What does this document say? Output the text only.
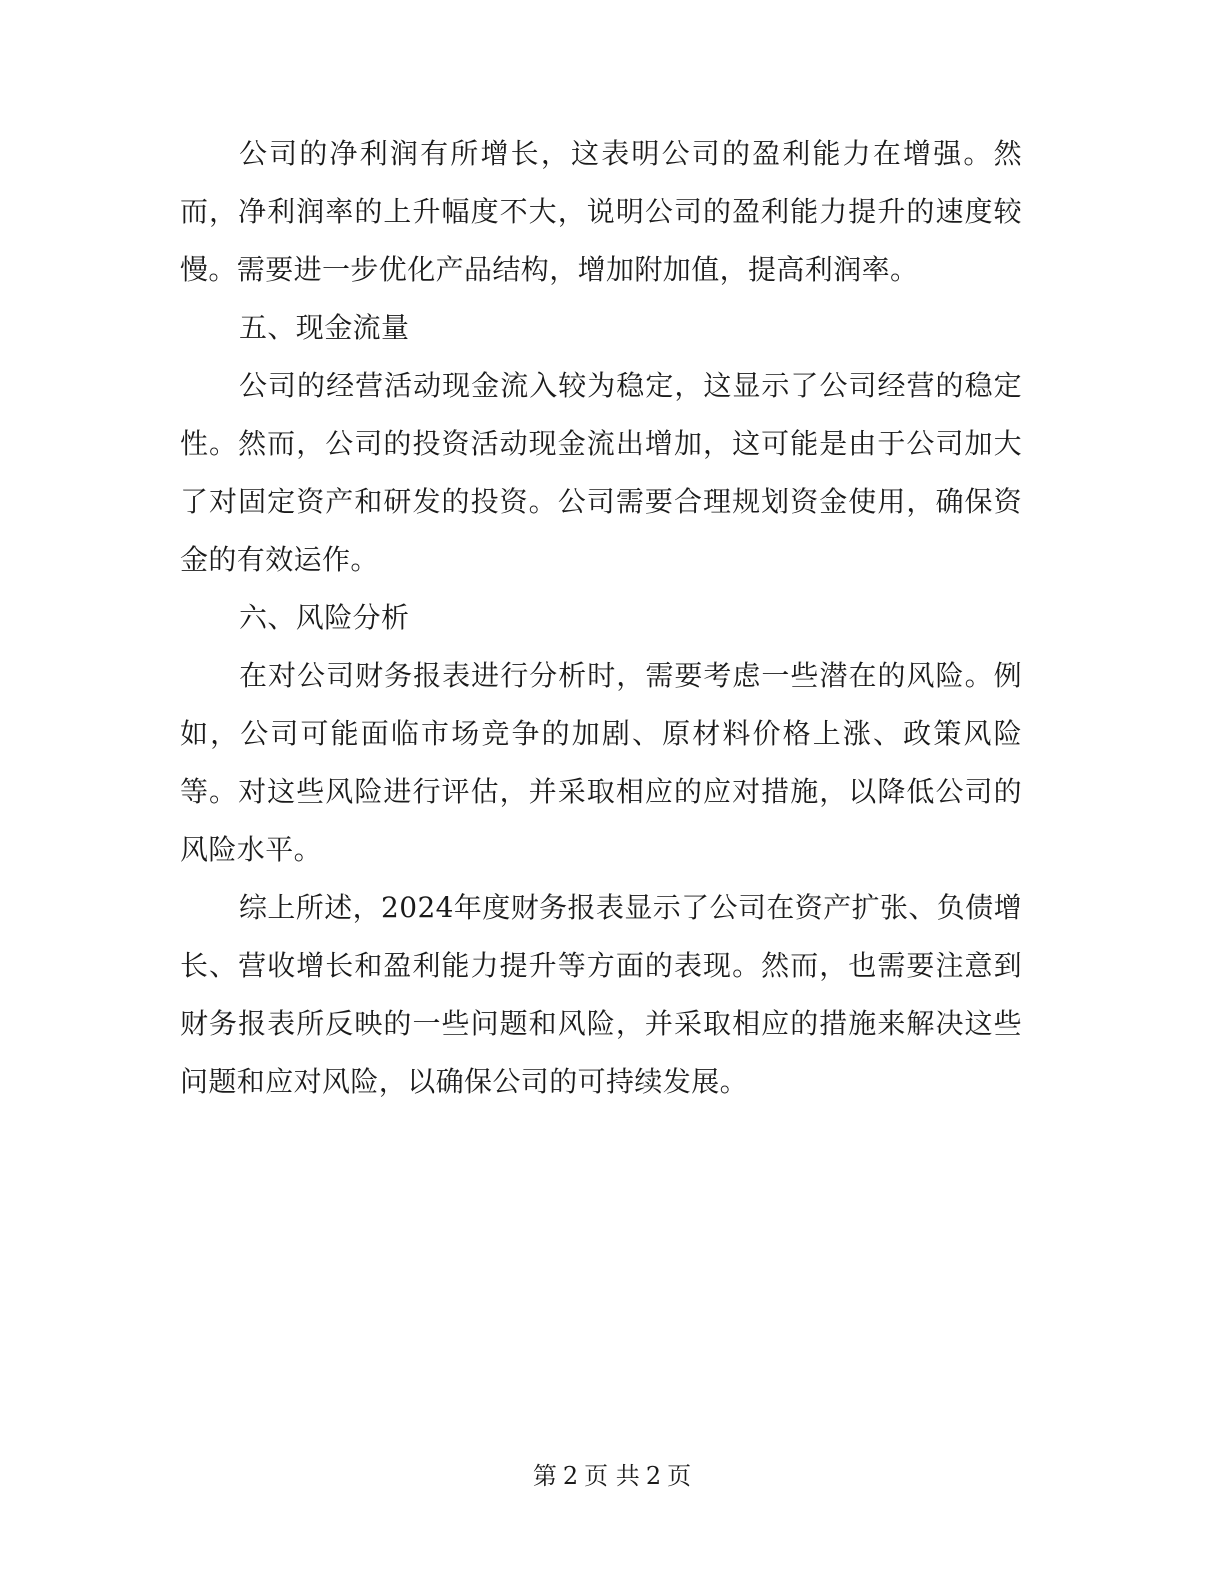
公司的净利润有所增长，这表明公司的盈利能力在增强。然而，净利润率的上升幅度不大，说明公司的盈利能力提升的速度较慢。需要进一步优化产品结构，增加附加值，提高利润率。

五、现金流量

公司的经营活动现金流入较为稳定，这显示了公司经营的稳定性。然而，公司的投资活动现金流出增加，这可能是由于公司加大了对固定资产和研发的投资。公司需要合理规划资金使用，确保资金的有效运作。

六、风险分析

在对公司财务报表进行分析时，需要考虑一些潜在的风险。例如，公司可能面临市场竞争的加剧、原材料价格上涨、政策风险等。对这些风险进行评估，并采取相应的应对措施，以降低公司的风险水平。

综上所述，2024年度财务报表显示了公司在资产扩张、负债增长、营收增长和盈利能力提升等方面的表现。然而，也需要注意到财务报表所反映的一些问题和风险，并采取相应的措施来解决这些问题和应对风险，以确保公司的可持续发展。

第 2 页 共 2 页
